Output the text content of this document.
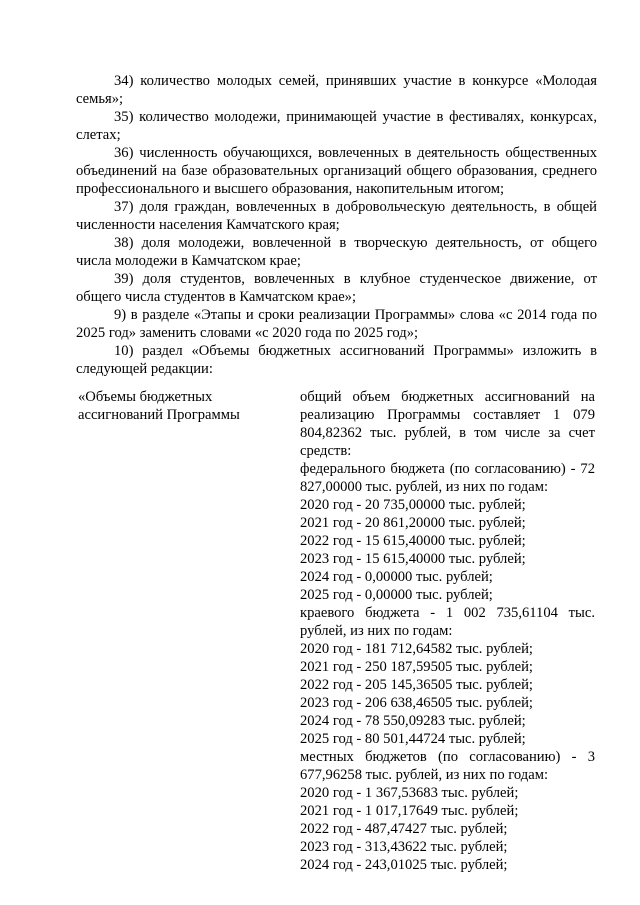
34) количество молодых семей, принявших участие в конкурсе «Молодая семья»;

35) количество молодежи, принимающей участие в фестивалях, конкурсах, слетах;

36) численность обучающихся, вовлеченных в деятельность общественных объединений на базе образовательных организаций общего образования, среднего профессионального и высшего образования, накопительным итогом;

37) доля граждан, вовлеченных в добровольческую деятельность, в общей численности населения Камчатского края;

38) доля молодежи, вовлеченной в творческую деятельность, от общего числа молодежи в Камчатском крае;

39) доля студентов, вовлеченных в клубное студенческое движение, от общего числа студентов в Камчатском крае»;

9) в разделе «Этапы и сроки реализации Программы» слова «с 2014 года по 2025 год» заменить словами «с 2020 года по 2025 год»;

10) раздел «Объемы бюджетных ассигнований Программы» изложить в следующей редакции:

«Объемы бюджетных ассигнований Программы

общий объем бюджетных ассигнований на реализацию Программы составляет 1 079 804,82362 тыс. рублей, в том числе за счет средств:

федерального бюджета (по согласованию) - 72 827,00000 тыс. рублей, из них по годам:

2020 год - 20 735,00000 тыс. рублей;

2021 год - 20 861,20000 тыс. рублей;

2022 год - 15 615,40000 тыс. рублей;

2023 год - 15 615,40000 тыс. рублей;

2024 год - 0,00000 тыс. рублей;

2025 год - 0,00000 тыс. рублей;

краевого бюджета - 1 002 735,61104 тыс. рублей, из них по годам:

2020 год - 181 712,64582 тыс. рублей;

2021 год - 250 187,59505 тыс. рублей;

2022 год - 205 145,36505 тыс. рублей;

2023 год - 206 638,46505 тыс. рублей;

2024 год - 78 550,09283 тыс. рублей;

2025 год - 80 501,44724 тыс. рублей;

местных бюджетов (по согласованию) - 3 677,96258 тыс. рублей, из них по годам:

2020 год - 1 367,53683 тыс. рублей;

2021 год - 1 017,17649 тыс. рублей;

2022 год - 487,47427 тыс. рублей;

2023 год - 313,43622 тыс. рублей;

2024 год - 243,01025 тыс. рублей;
